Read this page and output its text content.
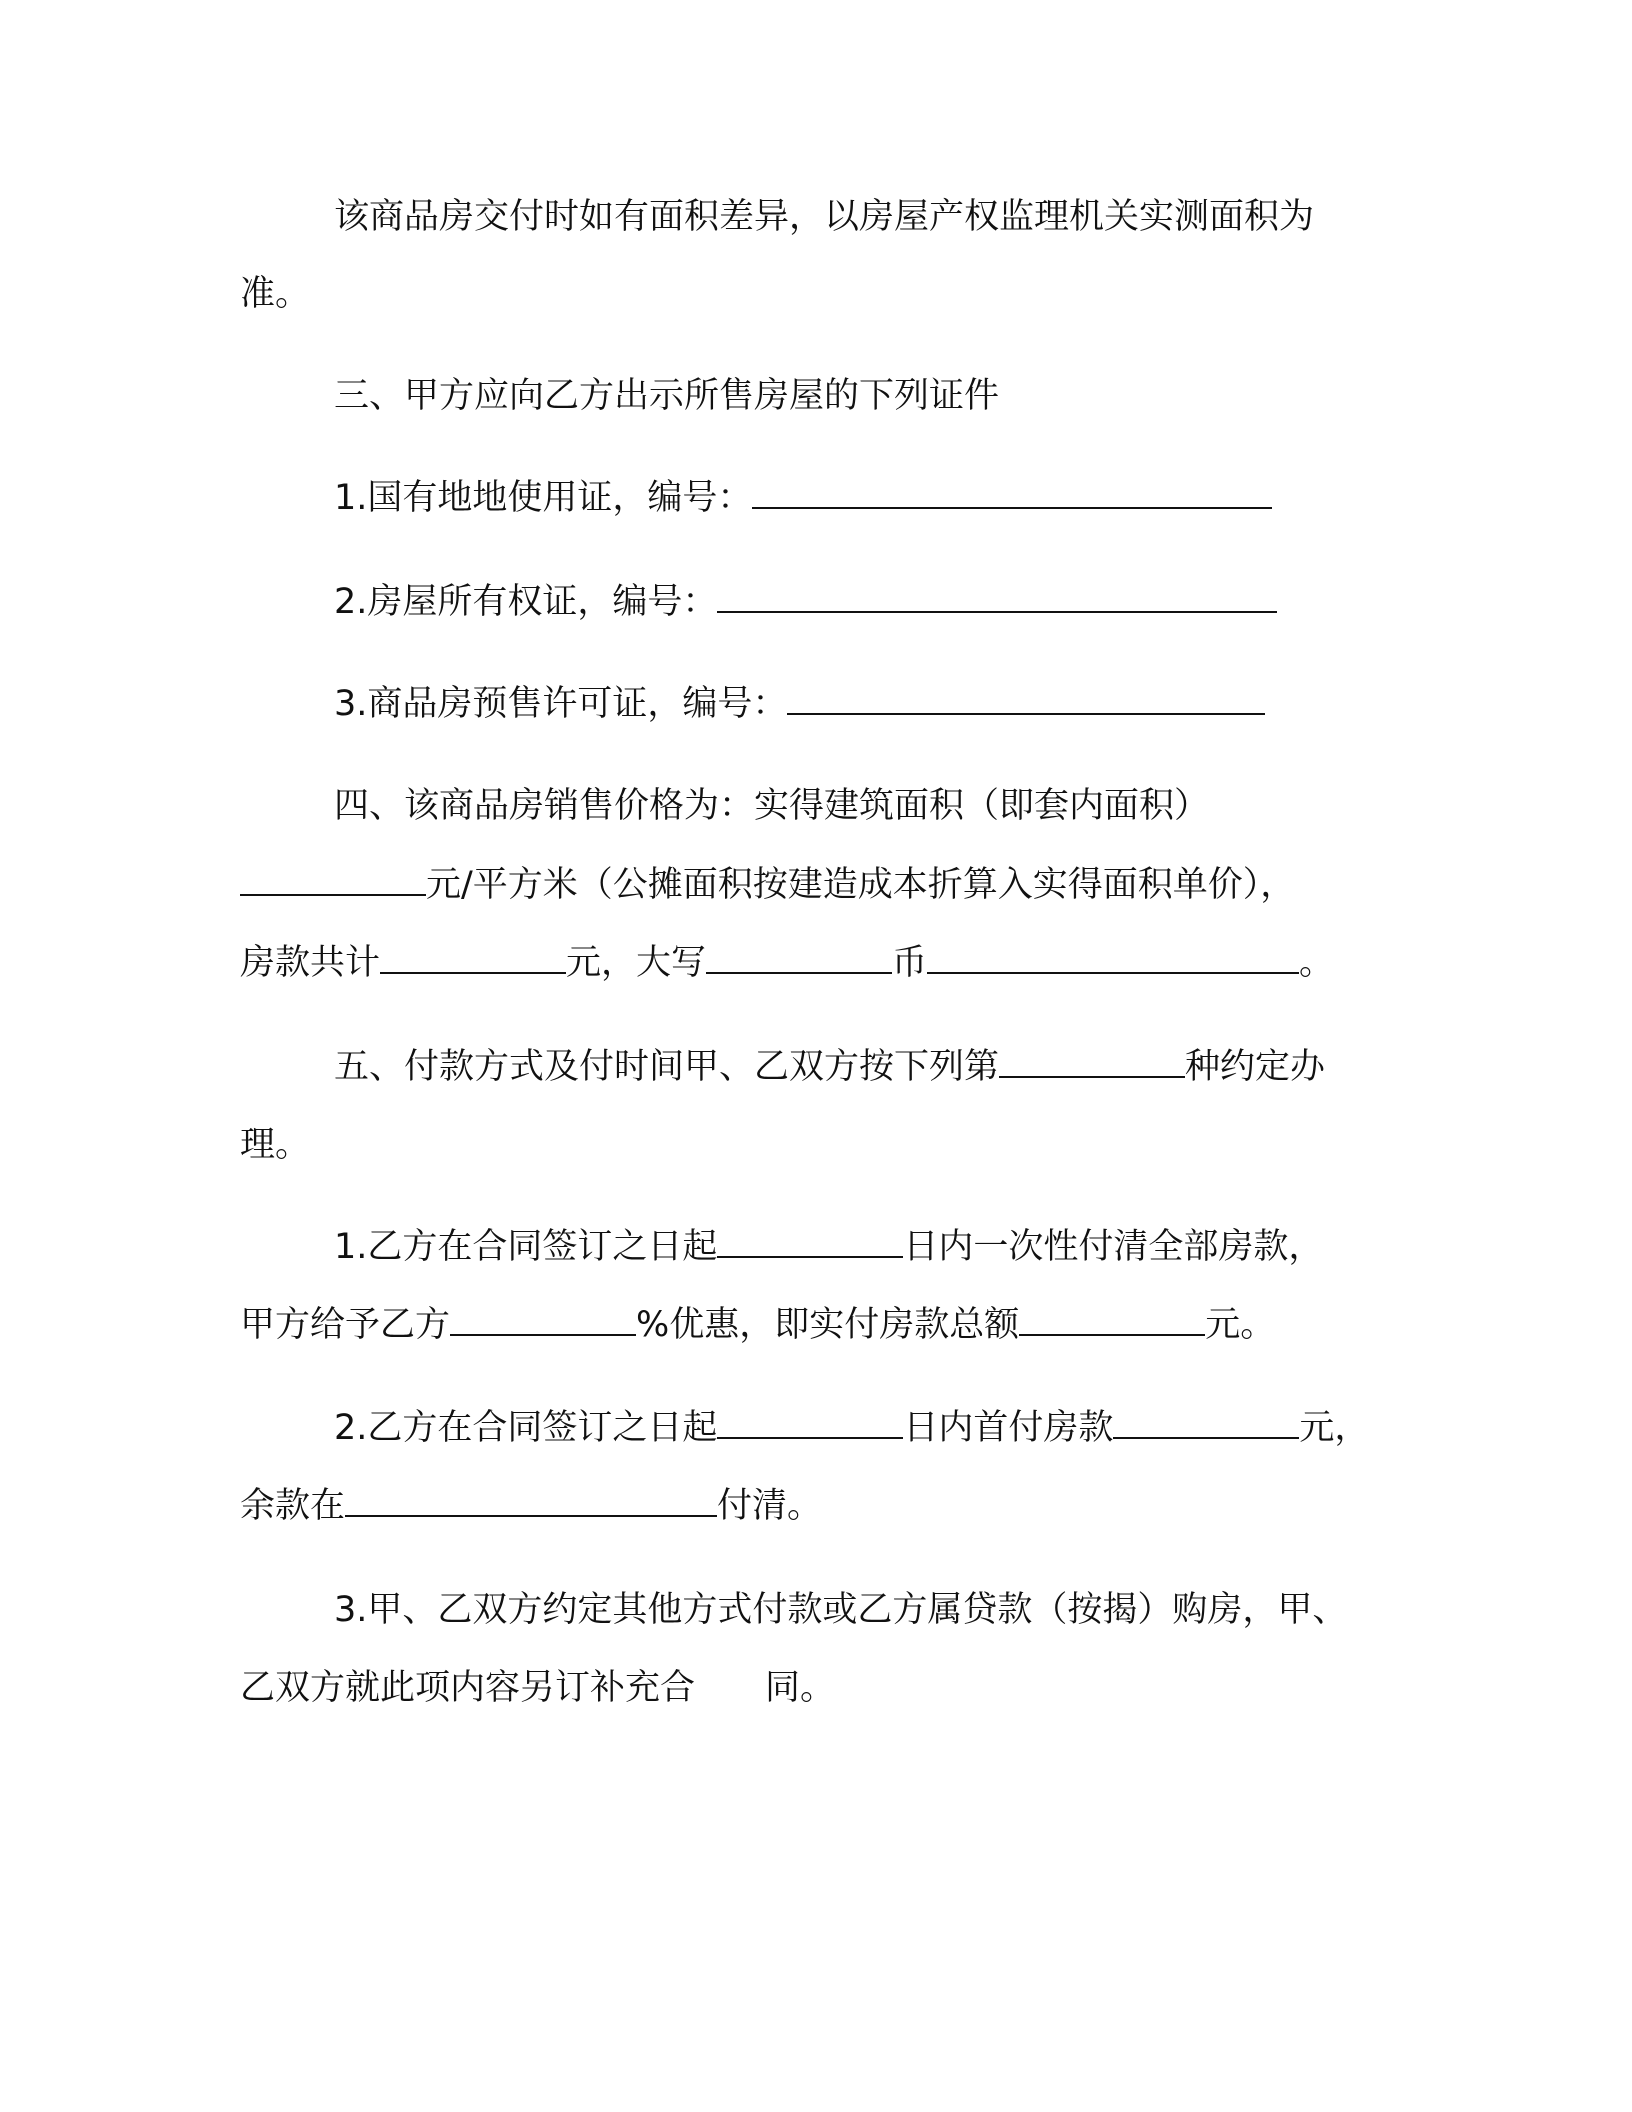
该商品房交付时如有面积差异，以房屋产权监理机关实测面积为
准。
三、甲方应向乙方出示所售房屋的下列证件
1.国有地地使用证，编号：
2.房屋所有权证，编号：
3.商品房预售许可证，编号：
四、该商品房销售价格为：实得建筑面积（即套内面积）
元/平方米（公摊面积按建造成本折算入实得面积单价），
房款共计	元，大写	币	。
五、付款方式及付时间甲、乙双方按下列第	种约定办
理。
1.乙方在合同签订之日起	日内一次性付清全部房款，
甲方给予乙方	%优惠，即实付房款总额	元。
2.乙方在合同签订之日起	日内首付房款	元，
余款在	付清。
3.甲、乙双方约定其他方式付款或乙方属贷款（按揭）购房，甲、
乙双方就此项内容另订补充合 同。
